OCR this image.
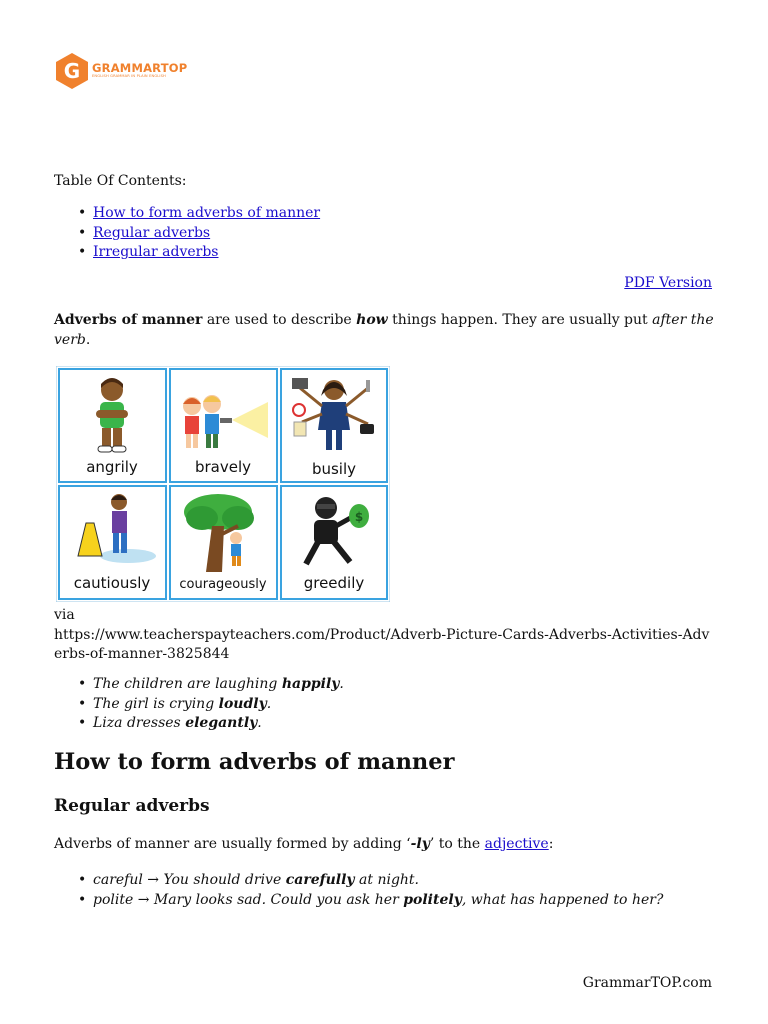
G GRAMMARTOP
ENGLISH GRAMMAR IN PLAIN ENGLISH
Table Of Contents:
• How to form adverbs of manner
• Regular adverbs
• Irregular adverbs
PDF Version
Adverbs of manner are used to describe how things happen. They are usually put after the verb.
angrily	bravely	busily
cautiously courageously
$
greedily
via
https://www.teacherspayteachers.com/Product/Adverb-Picture-Cards-Adverbs-Activities-Adverbs-of-manner-3825844
• The children are laughing happily.
• The girl is crying loudly.
• Liza dresses elegantly.
How to form adverbs of manner
Regular adverbs
Adverbs of manner are usually formed by adding ‘-ly’ to the adjective:
• careful → You should drive carefully at night.
• polite → Mary looks sad. Could you ask her politely, what has happened to her?
GrammarTOP.com
